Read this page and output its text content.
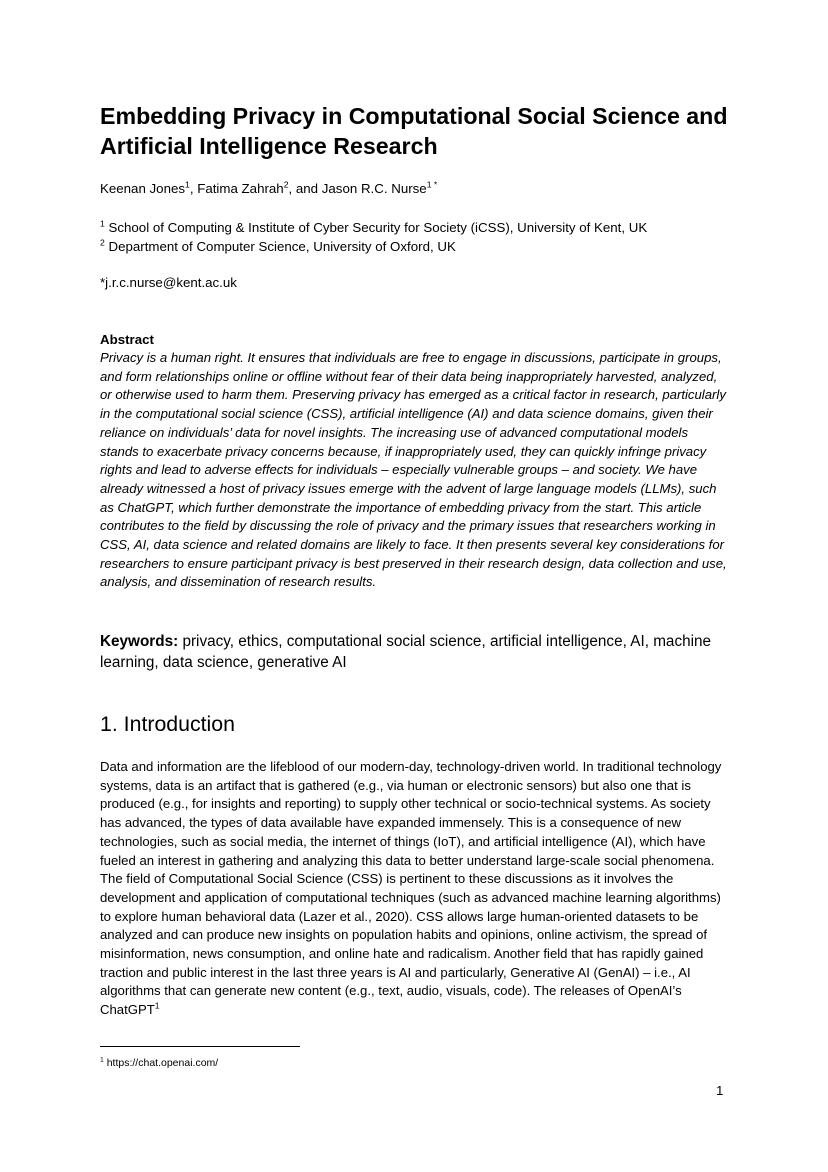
Embedding Privacy in Computational Social Science and Artificial Intelligence Research

Keenan Jones$^1$, Fatima Zahrah$^2$, and Jason R.C. Nurse$^{1 *}$

$^1$ School of Computing & Institute of Cyber Security for Society (iCSS), University of Kent, UK
$^2$ Department of Computer Science, University of Oxford, UK

*j.r.c.nurse@kent.ac.uk

Abstract

Privacy is a human right. It ensures that individuals are free to engage in discussions, participate in groups, and form relationships online or offline without fear of their data being inappropriately harvested, analyzed, or otherwise used to harm them. Preserving privacy has emerged as a critical factor in research, particularly in the computational social science (CSS), artificial intelligence (AI) and data science domains, given their reliance on individuals’ data for novel insights. The increasing use of advanced computational models stands to exacerbate privacy concerns because, if inappropriately used, they can quickly infringe privacy rights and lead to adverse effects for individuals – especially vulnerable groups – and society. We have already witnessed a host of privacy issues emerge with the advent of large language models (LLMs), such as ChatGPT, which further demonstrate the importance of embedding privacy from the start. This article contributes to the field by discussing the role of privacy and the primary issues that researchers working in CSS, AI, data science and related domains are likely to face. It then presents several key considerations for researchers to ensure participant privacy is best preserved in their research design, data collection and use, analysis, and dissemination of research results.

Keywords: privacy, ethics, computational social science, artificial intelligence, AI, machine learning, data science, generative AI

1. Introduction

Data and information are the lifeblood of our modern-day, technology-driven world. In traditional technology systems, data is an artifact that is gathered (e.g., via human or electronic sensors) but also one that is produced (e.g., for insights and reporting) to supply other technical or socio-technical systems. As society has advanced, the types of data available have expanded immensely. This is a consequence of new technologies, such as social media, the internet of things (IoT), and artificial intelligence (AI), which have fueled an interest in gathering and analyzing this data to better understand large-scale social phenomena. The field of Computational Social Science (CSS) is pertinent to these discussions as it involves the development and application of computational techniques (such as advanced machine learning algorithms) to explore human behavioral data (Lazer et al., 2020). CSS allows large human-oriented datasets to be analyzed and can produce new insights on population habits and opinions, online activism, the spread of misinformation, news consumption, and online hate and radicalism. Another field that has rapidly gained traction and public interest in the last three years is AI and particularly, Generative AI (GenAI) – i.e., AI algorithms that can generate new content (e.g., text, audio, visuals, code). The releases of OpenAI’s ChatGPT$^1$

$^1$ https://chat.openai.com/

1
